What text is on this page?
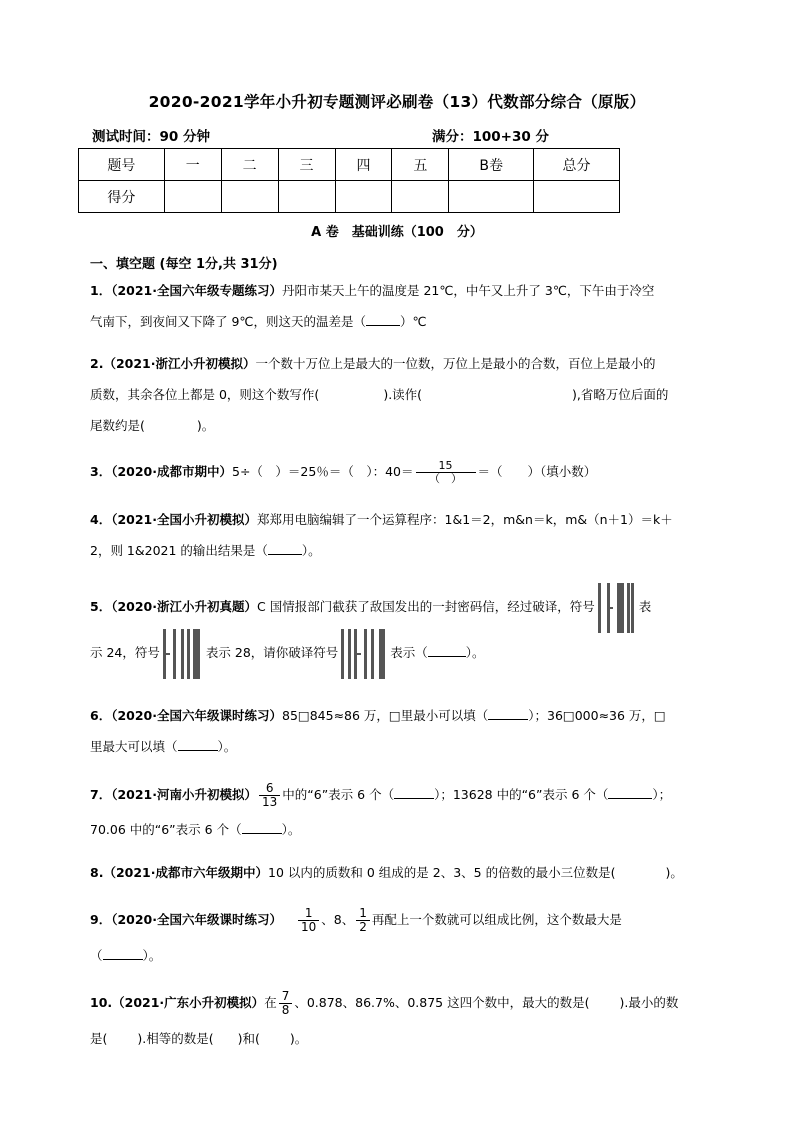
2020-2021学年小升初专题测评必刷卷（13）代数部分综合（原版）
测试时间：90 分钟	满分：100+30 分
题号	一	二	三	四	五	B卷	总分
得分							
A 卷　基础训练（100　分）
一、填空题 (每空 1分,共 31分)
1．（2021·全国六年级专题练习）丹阳市某天上午的温度是 21℃，中午又上升了 3℃，下午由于冷空
气南下，到夜间又下降了 9℃，则这天的温差是（	）℃
2.（2021·浙江小升初模拟）一个数十万位上是最大的一位数，万位上是最小的合数，百位上是最小的
质数，其余各位上都是 0，则这个数写作(	).读作(	),省略万位后面的
尾数约是(	)。
3．（2020·成都市期中）5÷（　）＝25％＝（　）：$40= \frac{15}{( )}$ ＝（　　）（填小数）
4．（2021·全国小升初模拟）郑郑用电脑编辑了一个运算程序：1&1＝2，m&n＝k，m&（n＋1）＝k＋
2，则 1&2021 的输出结果是（	）。
5．（2020·浙江小升初真题）C 国情报部门截获了敌国发出的一封密码信，经过破译，符号	表
示 24，符号	表示 28，请你破译符号	表示（	）。
6．（2020·全国六年级课时练习）85□845≈86 万，□里最小可以填（	）；36□000≈36 万，□
里最大可以填（	）。
7．（2021·河南小升初模拟） $\frac{6}{13}$ 中的“6”表示 6 个（	）；13628 中的“6”表示 6 个（	）；
70.06 中的“6”表示 6 个（	）。
8.（2021·成都市六年级期中）10 以内的质数和 0 组成的是 2、3、5 的倍数的最小三位数是(	)。
9．（2020·全国六年级课时练习） $\frac{1}{10}$ 、8、 $\frac{1}{2}$ 再配上一个数就可以组成比例，这个数最大是
（	）。
10.（2021·广东小升初模拟）在 $\frac{7}{8}$ 、0.878、86.7%、0.875 这四个数中，最大的数是( ).最小的数
是( ).相等的数是( )和( )。
